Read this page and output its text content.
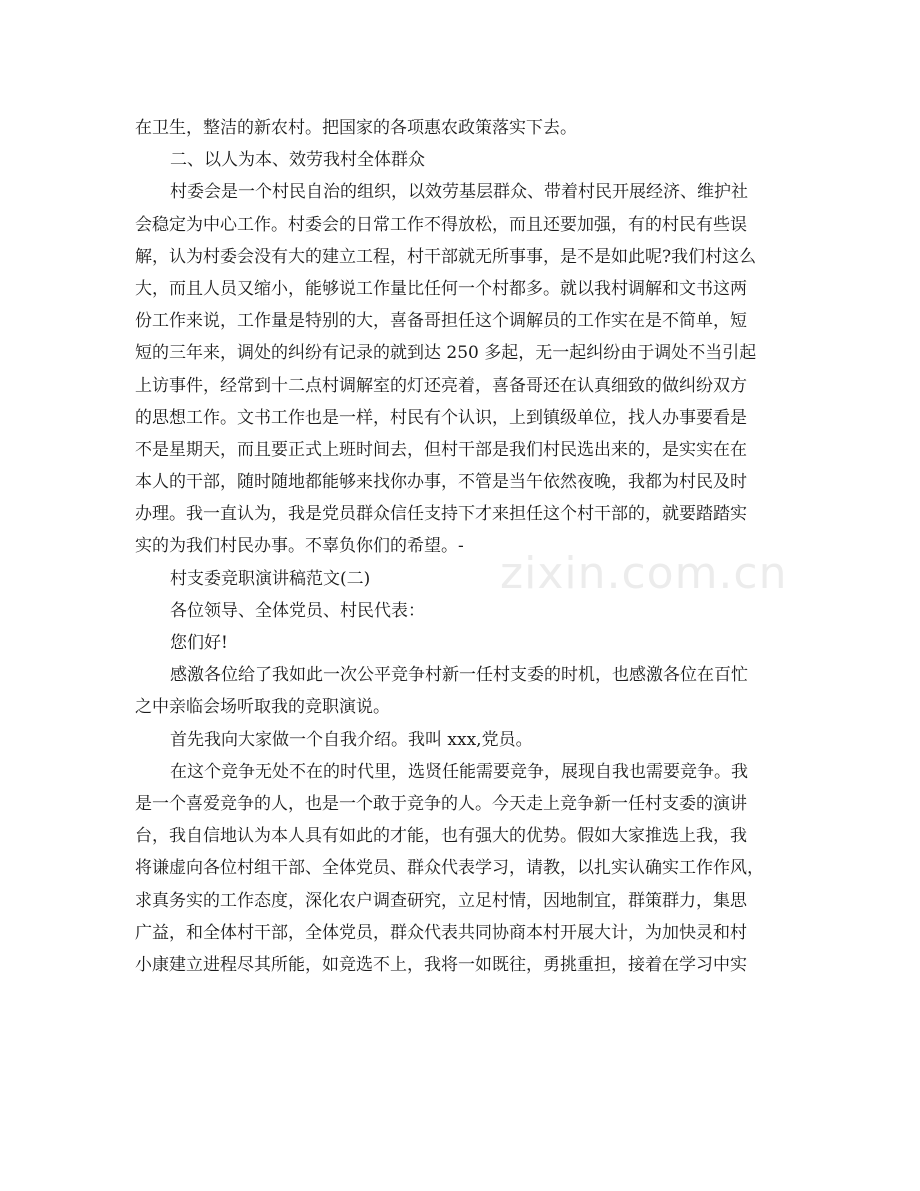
在卫生，整洁的新农村。把国家的各项惠农政策落实下去。
二、以人为本、效劳我村全体群众
村委会是一个村民自治的组织，以效劳基层群众、带着村民开展经济、维护社
会稳定为中心工作。村委会的日常工作不得放松，而且还要加强，有的村民有些误
解，认为村委会没有大的建立工程，村干部就无所事事，是不是如此呢?我们村这么
大，而且人员又缩小，能够说工作量比任何一个村都多。就以我村调解和文书这两
份工作来说，工作量是特别的大，喜备哥担任这个调解员的工作实在是不简单，短
短的三年来，调处的纠纷有记录的就到达 250 多起，无一起纠纷由于调处不当引起
上访事件，经常到十二点村调解室的灯还亮着，喜备哥还在认真细致的做纠纷双方
的思想工作。文书工作也是一样，村民有个认识，上到镇级单位，找人办事要看是
不是星期天，而且要正式上班时间去，但村干部是我们村民选出来的，是实实在在
本人的干部，随时随地都能够来找你办事，不管是当午依然夜晚，我都为村民及时
办理。我一直认为，我是党员群众信任支持下才来担任这个村干部的，就要踏踏实
实的为我们村民办事。不辜负你们的希望。-
村支委竞职演讲稿范文(二)
各位领导、全体党员、村民代表：
您们好!
感激各位给了我如此一次公平竞争村新一任村支委的时机，也感激各位在百忙
之中亲临会场听取我的竞职演说。
首先我向大家做一个自我介绍。我叫 xxx,党员。
在这个竞争无处不在的时代里，选贤任能需要竞争，展现自我也需要竞争。我
是一个喜爱竞争的人，也是一个敢于竞争的人。今天走上竞争新一任村支委的演讲
台，我自信地认为本人具有如此的才能，也有强大的优势。假如大家推选上我，我
将谦虚向各位村组干部、全体党员、群众代表学习，请教，以扎实认确实工作作风，
求真务实的工作态度，深化农户调查研究，立足村情，因地制宜，群策群力，集思
广益，和全体村干部，全体党员，群众代表共同协商本村开展大计，为加快灵和村
小康建立进程尽其所能，如竞选不上，我将一如既往，勇挑重担，接着在学习中实
zixin.com.cn
